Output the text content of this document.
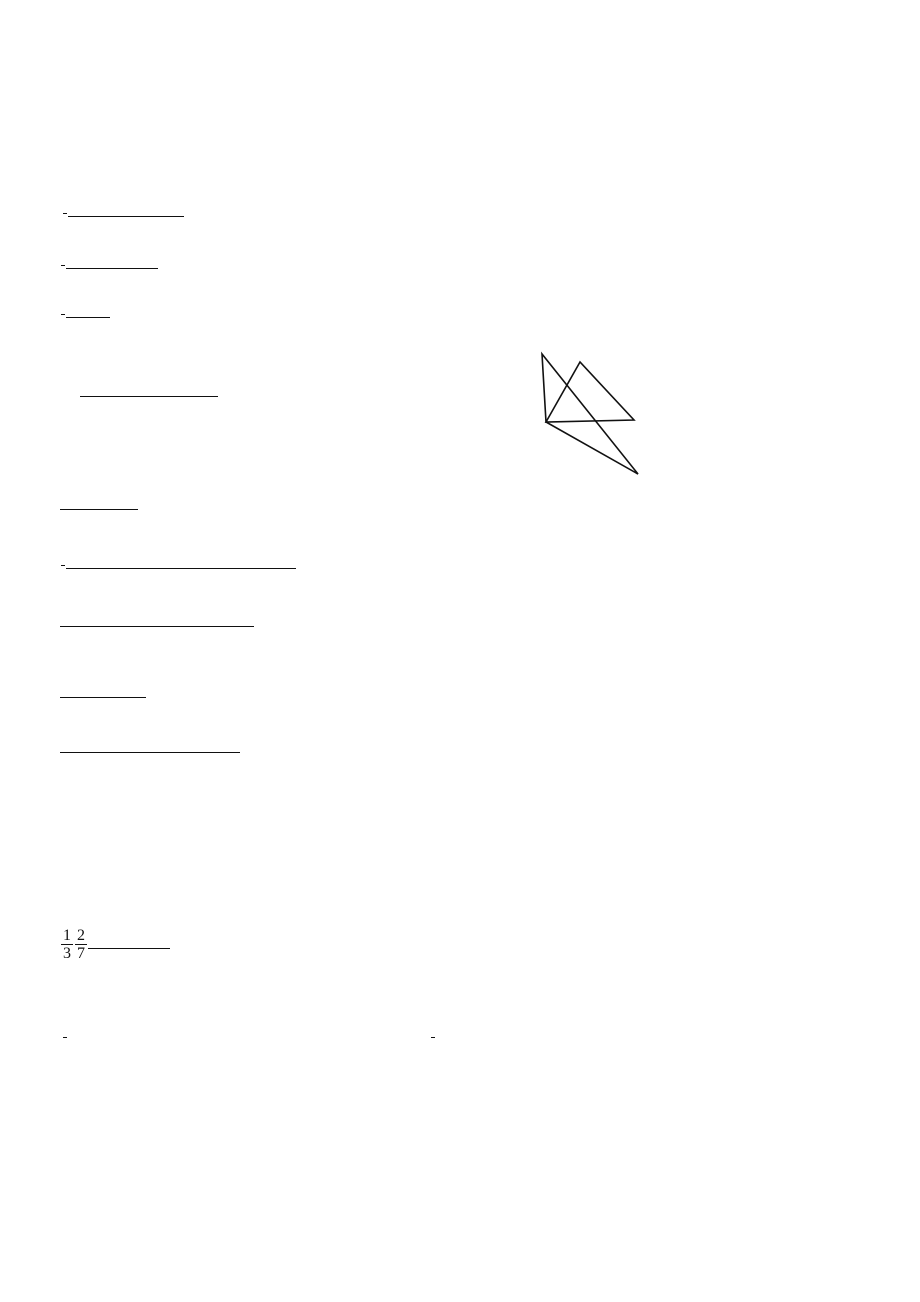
$\frac{1}{3} \frac{2}{7}$
